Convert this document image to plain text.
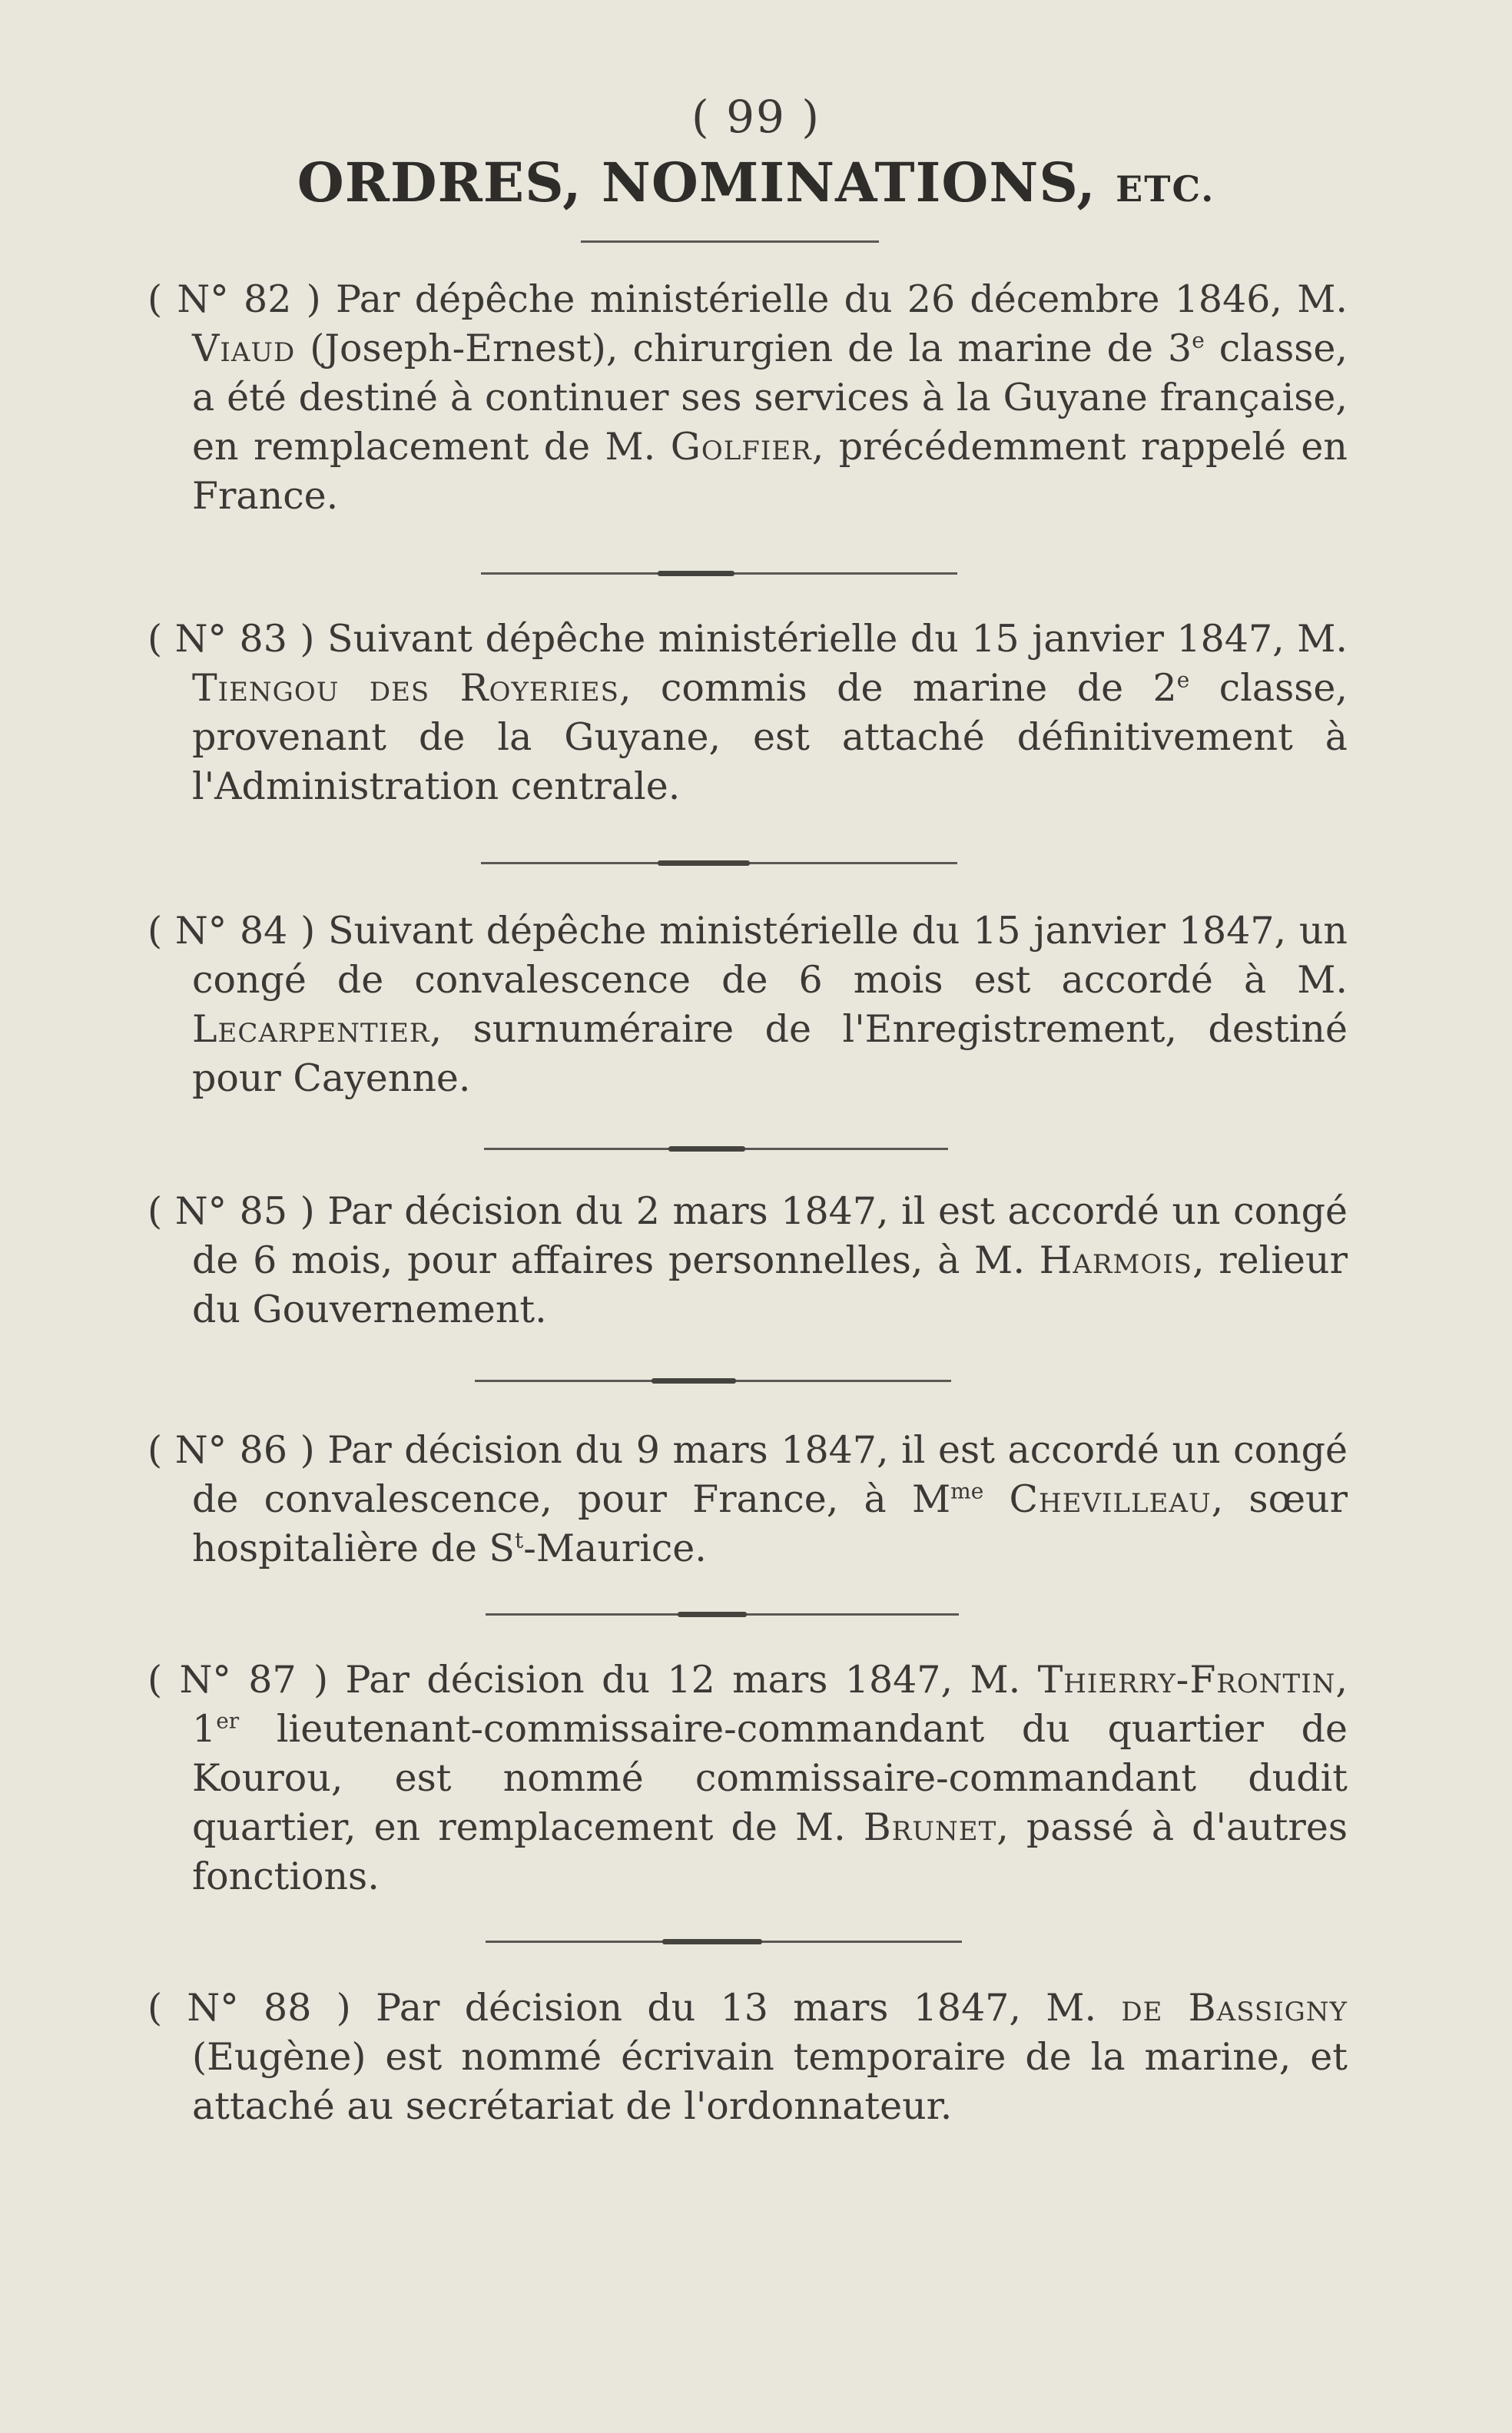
( 99 )
ORDRES, NOMINATIONS, ETC.
( N° 82 ) Par dépêche ministérielle du 26 décembre 1846, M. Viaud (Joseph-Ernest), chirurgien de la marine de 3e classe, a été destiné à continuer ses services à la Guyane française, en remplacement de M. Golfier, précédemment rappelé en France.
( N° 83 ) Suivant dépêche ministérielle du 15 janvier 1847, M. Tiengou des Royeries, commis de marine de 2e classe, provenant de la Guyane, est attaché définitivement à l'Administration centrale.
( N° 84 ) Suivant dépêche ministérielle du 15 janvier 1847, un congé de convalescence de 6 mois est accordé à M. Lecarpentier, surnuméraire de l'Enregistrement, destiné pour Cayenne.
( N° 85 ) Par décision du 2 mars 1847, il est accordé un congé de 6 mois, pour affaires personnelles, à M. Harmois, relieur du Gouvernement.
( N° 86 ) Par décision du 9 mars 1847, il est accordé un congé de convalescence, pour France, à $M^{me}$ Chevilleau, sœur hospitalière de $S^t$-Maurice.
( N° 87 ) Par décision du 12 mars 1847, M. Thierry-Frontin, 1er lieutenant-commissaire-commandant du quartier de Kourou, est nommé commissaire-commandant dudit quartier, en remplacement de M. Brunet, passé à d'autres fonctions.
( N° 88 ) Par décision du 13 mars 1847, M. de Bassigny (Eugène) est nommé écrivain temporaire de la marine, et attaché au secrétariat de l'ordonnateur.
